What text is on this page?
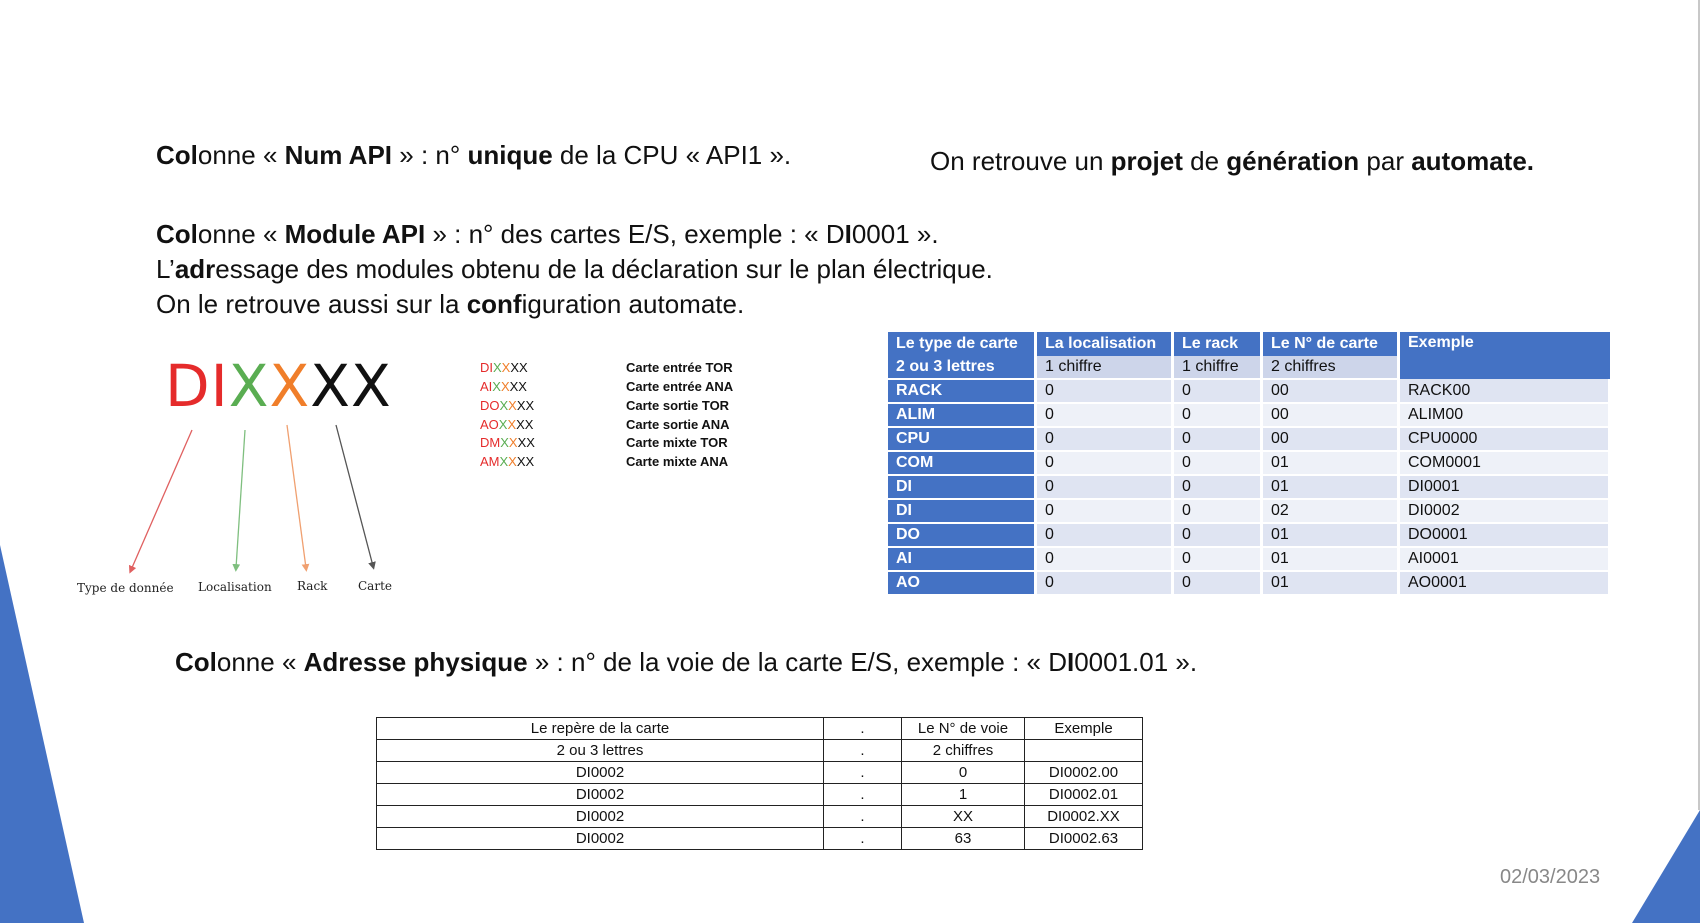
Colonne « Num API » : n° unique de la CPU « API1 ».	On retrouve un projet de génération par automate.
Colonne « Module API » : n° des cartes E/S, exemple : « DI0001 ».
L’adressage des modules obtenu de la déclaration sur le plan électrique.
On le retrouve aussi sur la configuration automate.
DIXXXX
Type de donnée Localisation Rack	Carte
DIXXXX	Carte entrée TOR
AIXXXX	Carte entrée ANA
DOXXXX	Carte sortie TOR
AOXXXX	Carte sortie ANA
DMXXXX	Carte mixte TOR
AMXXXX	Carte mixte ANA
Le type de carte	La localisation	Le rack	Le N° de carte	Exemple
2 ou 3 lettres	1 chiffre	1 chiffre	2 chiffres	
RACK	0	0	00	RACK00
ALIM	0	0	00	ALIM00
CPU	0	0	00	CPU0000
COM	0	0	01	COM0001
DI	0	0	01	DI0001
DI	0	0	02	DI0002
DO	0	0	01	DO0001
AI	0	0	01	AI0001
AO	0	0	01	AO0001
Colonne « Adresse physique » : n° de la voie de la carte E/S, exemple : « DI0001.01 ».
Le repère de la carte	.	Le N° de voie	Exemple
2 ou 3 lettres	.	2 chiffres	
DI0002	.	0	DI0002.00
DI0002	.	1	DI0002.01
DI0002	.	XX	DI0002.XX
DI0002	.	63	DI0002.63
02/03/2023
